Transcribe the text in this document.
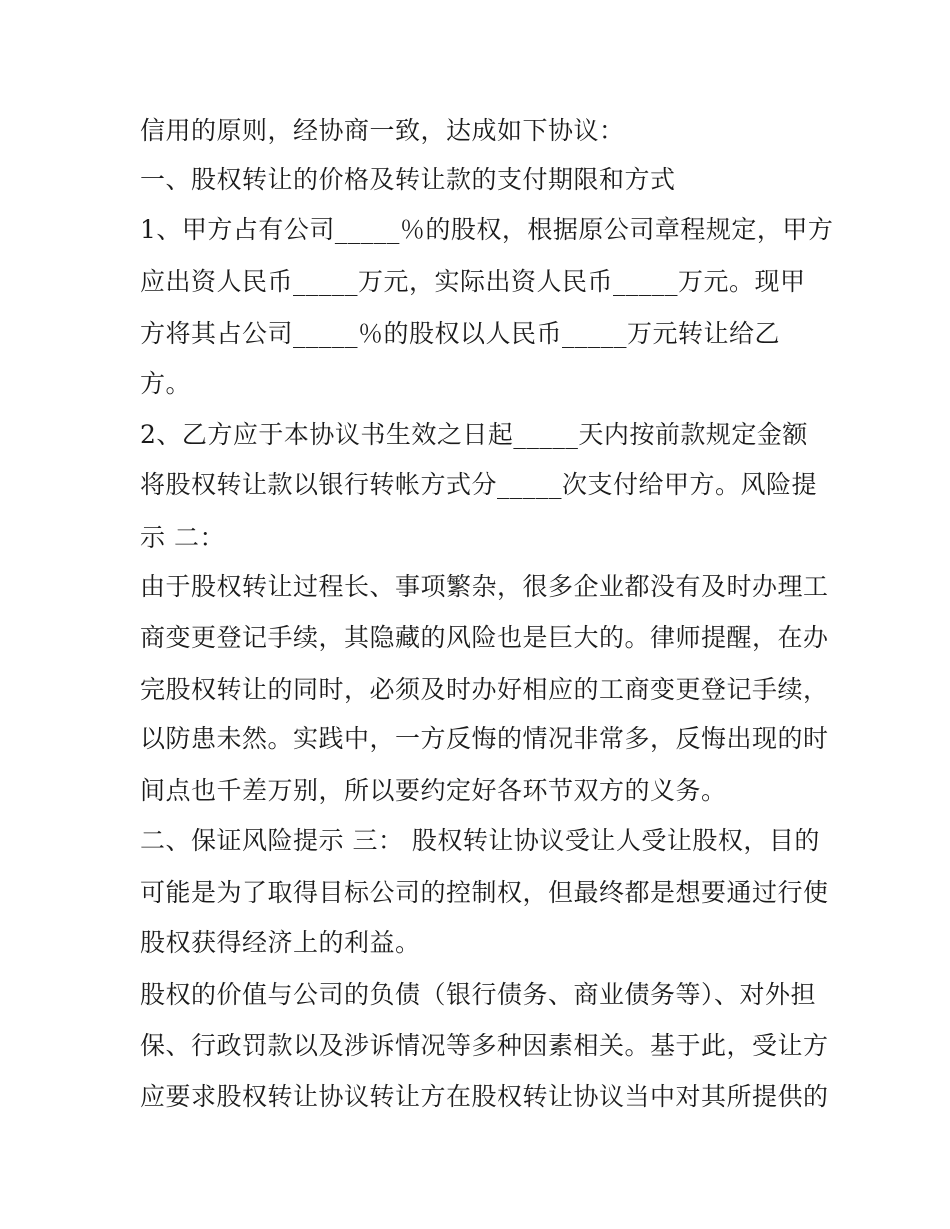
信用的原则，经协商一致，达成如下协议：
一、股权转让的价格及转让款的支付期限和方式
1、甲方占有公司_____％的股权，根据原公司章程规定，甲方
应出资人民币_____万元，实际出资人民币_____万元。现甲
方将其占公司_____％的股权以人民币_____万元转让给乙
方。
2、乙方应于本协议书生效之日起_____天内按前款规定金额
将股权转让款以银行转帐方式分_____次支付给甲方。风险提
示 二：
由于股权转让过程长、事项繁杂，很多企业都没有及时办理工
商变更登记手续，其隐藏的风险也是巨大的。律师提醒，在办
完股权转让的同时，必须及时办好相应的工商变更登记手续，
以防患未然。实践中，一方反悔的情况非常多，反悔出现的时
间点也千差万别，所以要约定好各环节双方的义务。
二、保证风险提示 三： 股权转让协议受让人受让股权，目的
可能是为了取得目标公司的控制权，但最终都是想要通过行使
股权获得经济上的利益。
股权的价值与公司的负债（银行债务、商业债务等）、对外担
保、行政罚款以及涉诉情况等多种因素相关。基于此，受让方
应要求股权转让协议转让方在股权转让协议当中对其所提供的
